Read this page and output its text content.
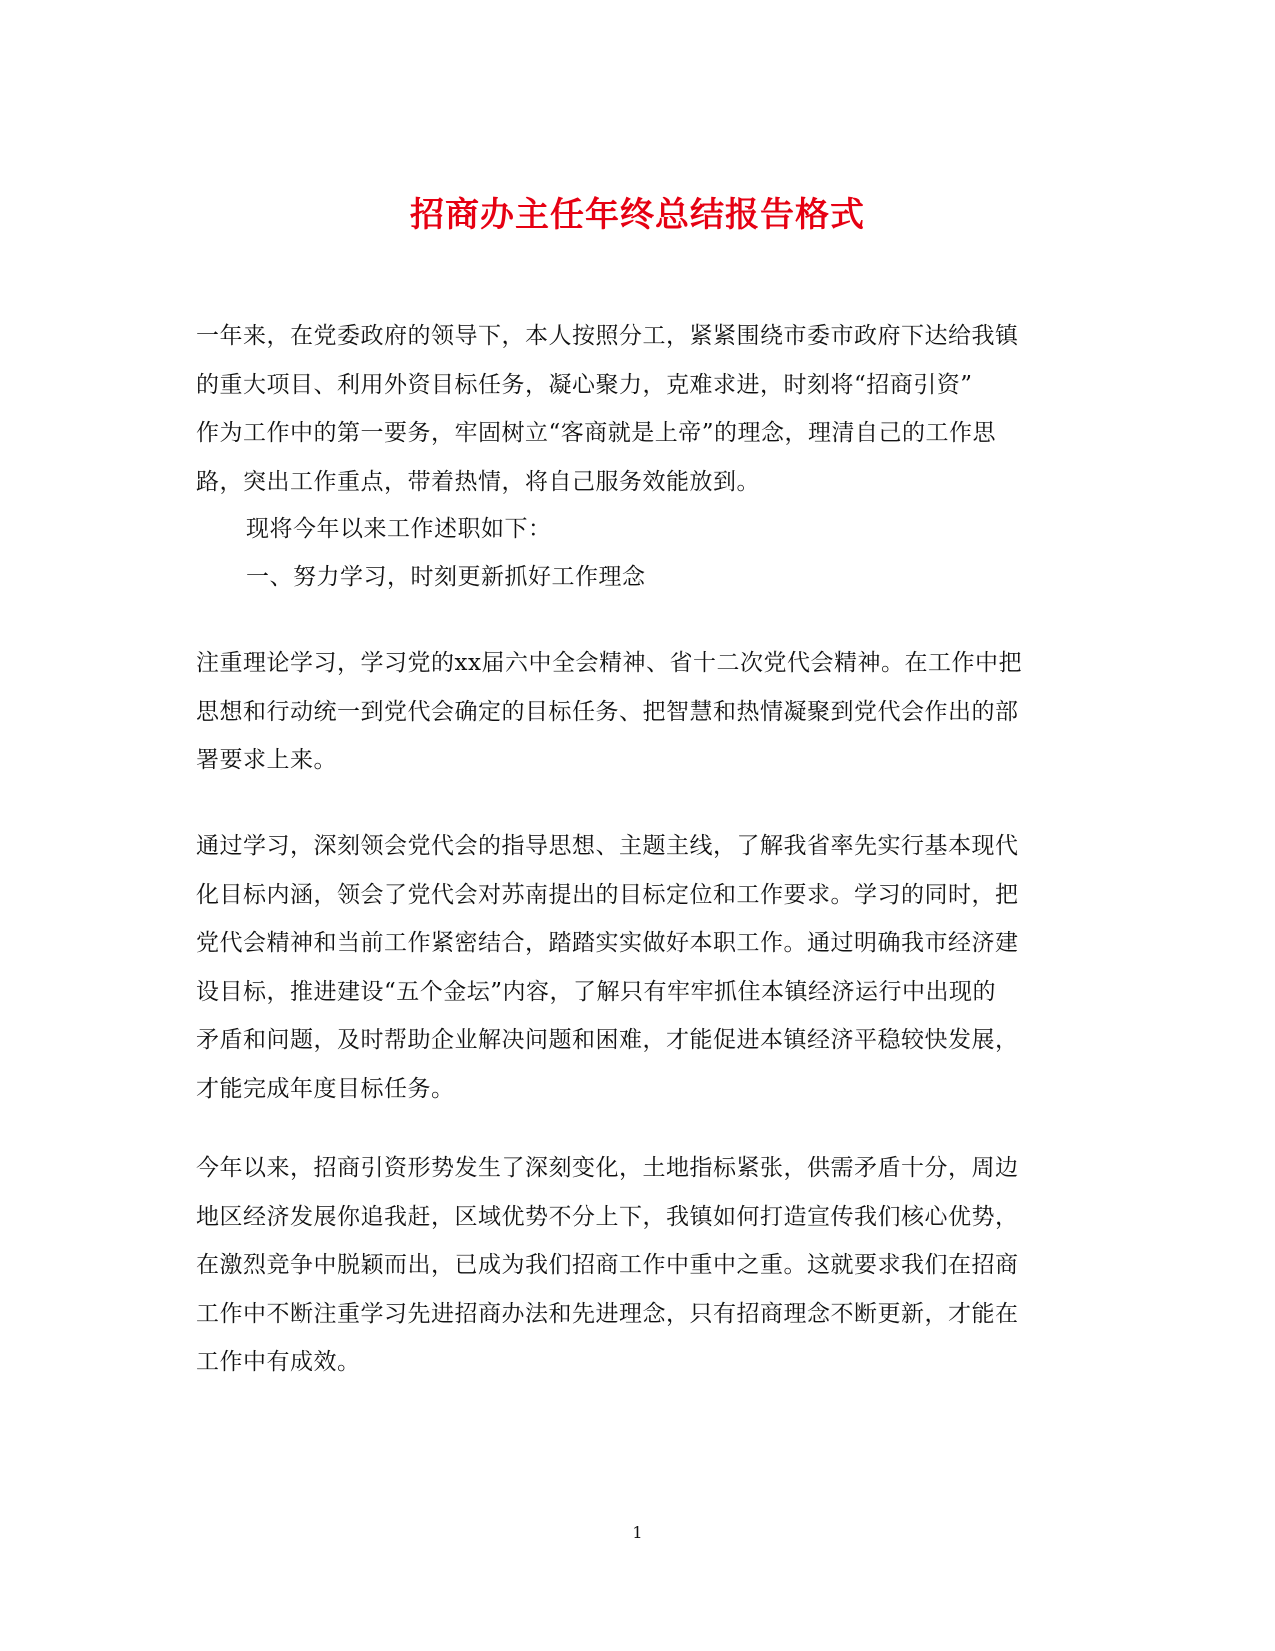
招商办主任年终总结报告格式

一年来，在党委政府的领导下，本人按照分工，紧紧围绕市委市政府下达给我镇
的重大项目、利用外资目标任务，凝心聚力，克难求进，时刻将“招商引资”
作为工作中的第一要务，牢固树立“客商就是上帝”的理念，理清自己的工作思
路，突出工作重点，带着热情，将自己服务效能放到。

现将今年以来工作述职如下：

一、努力学习，时刻更新抓好工作理念

注重理论学习，学习党的xx届六中全会精神、省十二次党代会精神。在工作中把
思想和行动统一到党代会确定的目标任务、把智慧和热情凝聚到党代会作出的部
署要求上来。

通过学习，深刻领会党代会的指导思想、主题主线，了解我省率先实行基本现代
化目标内涵，领会了党代会对苏南提出的目标定位和工作要求。学习的同时，把
党代会精神和当前工作紧密结合，踏踏实实做好本职工作。通过明确我市经济建
设目标，推进建设“五个金坛”内容，了解只有牢牢抓住本镇经济运行中出现的
矛盾和问题，及时帮助企业解决问题和困难，才能促进本镇经济平稳较快发展，
才能完成年度目标任务。

今年以来，招商引资形势发生了深刻变化，土地指标紧张，供需矛盾十分，周边
地区经济发展你追我赶，区域优势不分上下，我镇如何打造宣传我们核心优势，
在激烈竞争中脱颖而出，已成为我们招商工作中重中之重。这就要求我们在招商
工作中不断注重学习先进招商办法和先进理念，只有招商理念不断更新，才能在
工作中有成效。

1
